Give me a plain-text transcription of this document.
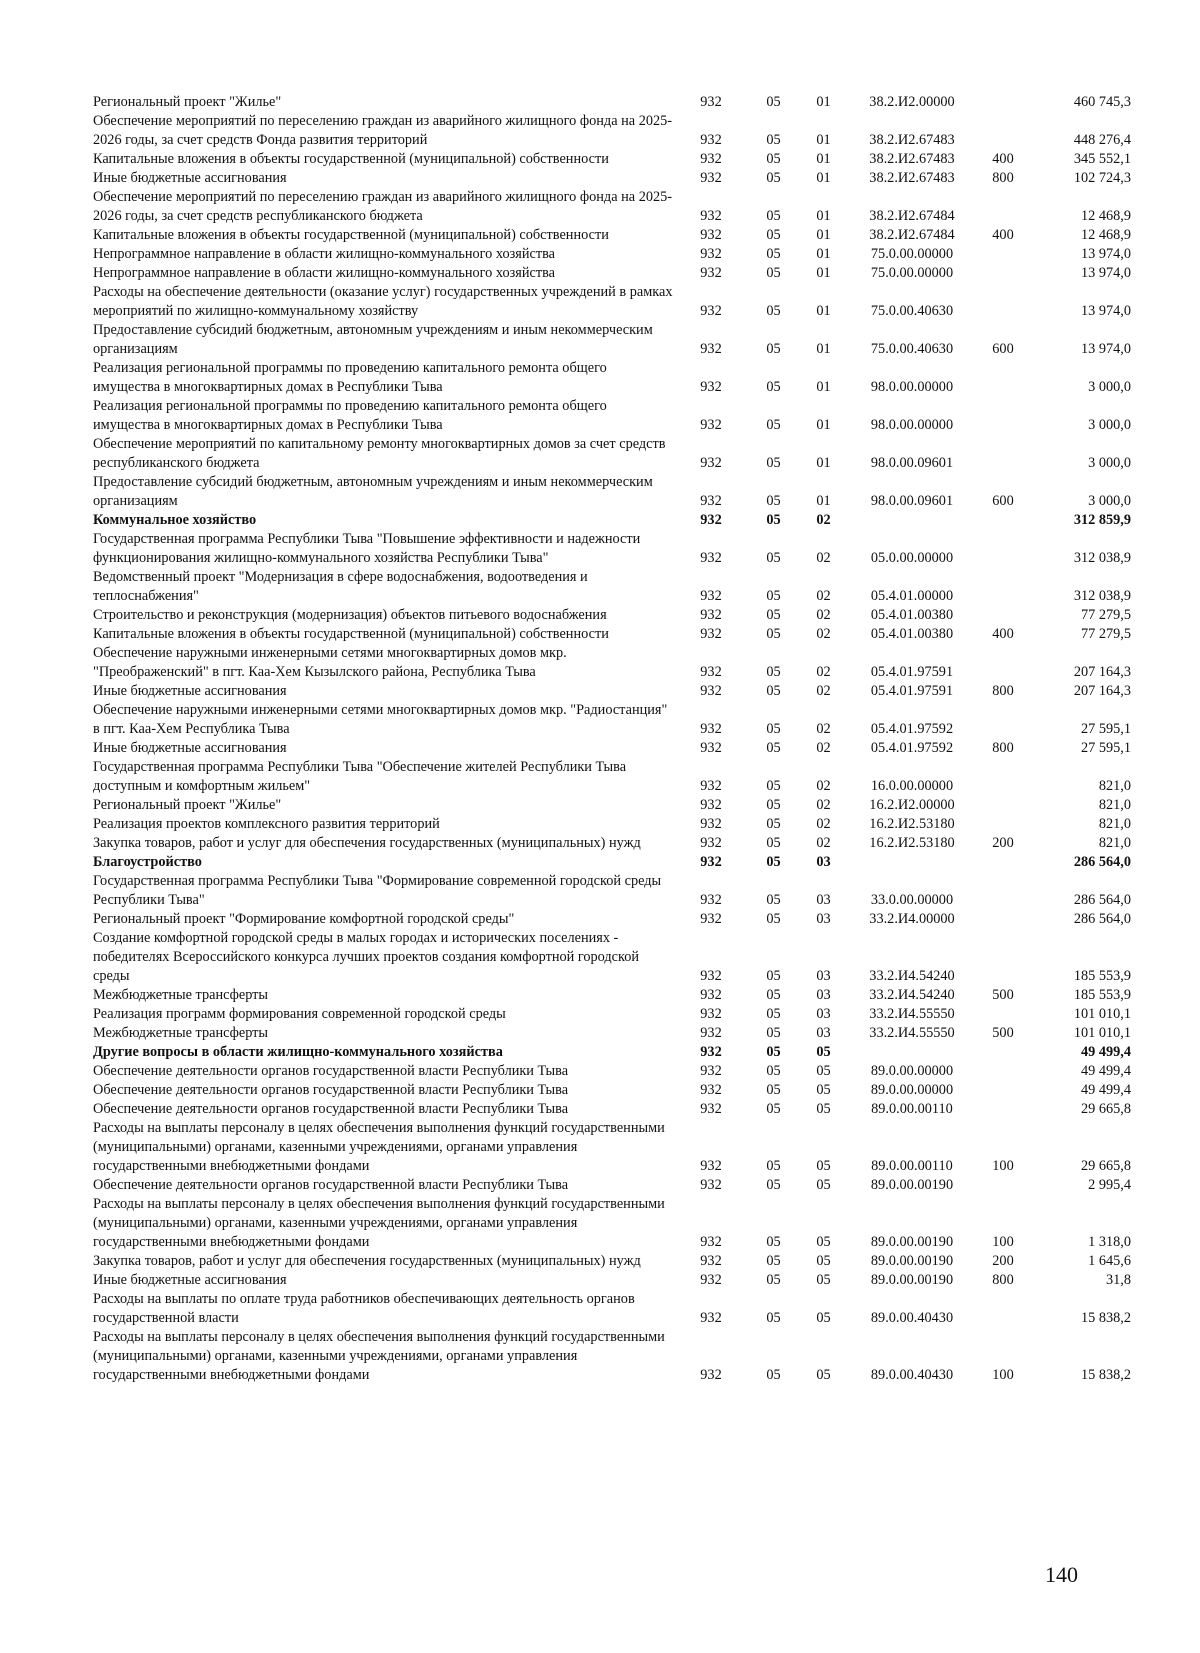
Региональный проект "Жилье"	932	05	01	38.2.И2.00000		460 745,3
Обеспечение мероприятий по переселению граждан из аварийного жилищного фонда на 2025-2026 годы, за счет средств Фонда развития территорий	932	05	01	38.2.И2.67483		448 276,4
Капитальные вложения в объекты государственной (муниципальной) собственности	932	05	01	38.2.И2.67483	400	345 552,1
Иные бюджетные ассигнования	932	05	01	38.2.И2.67483	800	102 724,3
Обеспечение мероприятий по переселению граждан из аварийного жилищного фонда на 2025-2026 годы, за счет средств республиканского бюджета	932	05	01	38.2.И2.67484		12 468,9
Капитальные вложения в объекты государственной (муниципальной) собственности	932	05	01	38.2.И2.67484	400	12 468,9
Непрограммное направление в области жилищно-коммунального хозяйства	932	05	01	75.0.00.00000		13 974,0
Непрограммное направление в области жилищно-коммунального хозяйства	932	05	01	75.0.00.00000		13 974,0
Расходы на обеспечение деятельности (оказание услуг) государственных учреждений в рамках мероприятий по жилищно-коммунальному хозяйству	932	05	01	75.0.00.40630		13 974,0
Предоставление субсидий бюджетным, автономным учреждениям и иным некоммерческим организациям	932	05	01	75.0.00.40630	600	13 974,0
Реализация региональной программы по проведению капитального ремонта общего имущества в многоквартирных домах в Республики Тыва	932	05	01	98.0.00.00000		3 000,0
Реализация региональной программы по проведению капитального ремонта общего имущества в многоквартирных домах в Республики Тыва	932	05	01	98.0.00.00000		3 000,0
Обеспечение мероприятий по капитальному ремонту многоквартирных домов за счет средств республиканского бюджета	932	05	01	98.0.00.09601		3 000,0
Предоставление субсидий бюджетным, автономным учреждениям и иным некоммерческим организациям	932	05	01	98.0.00.09601	600	3 000,0
Коммунальное хозяйство	932	05	02			312 859,9
Государственная программа Республики Тыва "Повышение эффективности и надежности функционирования жилищно-коммунального хозяйства Республики Тыва"	932	05	02	05.0.00.00000		312 038,9
Ведомственный проект "Модернизация в сфере водоснабжения, водоотведения и теплоснабжения"	932	05	02	05.4.01.00000		312 038,9
Строительство и реконструкция (модернизация) объектов питьевого водоснабжения	932	05	02	05.4.01.00380		77 279,5
Капитальные вложения в объекты государственной (муниципальной) собственности	932	05	02	05.4.01.00380	400	77 279,5
Обеспечение наружными инженерными сетями многоквартирных домов мкр. "Преображенский" в пгт. Каа-Хем Кызылского района, Республика Тыва	932	05	02	05.4.01.97591		207 164,3
Иные бюджетные ассигнования	932	05	02	05.4.01.97591	800	207 164,3
Обеспечение наружными инженерными сетями многоквартирных домов мкр. "Радиостанция" в пгт. Каа-Хем Республика Тыва	932	05	02	05.4.01.97592		27 595,1
Иные бюджетные ассигнования	932	05	02	05.4.01.97592	800	27 595,1
Государственная программа Республики Тыва "Обеспечение жителей Республики Тыва доступным и комфортным жильем"	932	05	02	16.0.00.00000		821,0
Региональный проект "Жилье"	932	05	02	16.2.И2.00000		821,0
Реализация проектов комплексного развития территорий	932	05	02	16.2.И2.53180		821,0
Закупка товаров, работ и услуг для обеспечения государственных (муниципальных) нужд	932	05	02	16.2.И2.53180	200	821,0
Благоустройство	932	05	03			286 564,0
Государственная программа Республики Тыва "Формирование современной городской среды Республики Тыва"	932	05	03	33.0.00.00000		286 564,0
Региональный проект "Формирование комфортной городской среды"	932	05	03	33.2.И4.00000		286 564,0
Создание комфортной городской среды в малых городах и исторических поселениях - победителях Всероссийского конкурса лучших проектов создания комфортной городской среды	932	05	03	33.2.И4.54240		185 553,9
Межбюджетные трансферты	932	05	03	33.2.И4.54240	500	185 553,9
Реализация программ формирования современной городской среды	932	05	03	33.2.И4.55550		101 010,1
Межбюджетные трансферты	932	05	03	33.2.И4.55550	500	101 010,1
Другие вопросы в области жилищно-коммунального хозяйства	932	05	05			49 499,4
Обеспечение деятельности органов государственной власти Республики Тыва	932	05	05	89.0.00.00000		49 499,4
Обеспечение деятельности органов государственной власти Республики Тыва	932	05	05	89.0.00.00000		49 499,4
Обеспечение деятельности органов государственной власти Республики Тыва	932	05	05	89.0.00.00110		29 665,8
Расходы на выплаты персоналу в целях обеспечения выполнения функций государственными (муниципальными) органами, казенными учреждениями, органами управления государственными внебюджетными фондами	932	05	05	89.0.00.00110	100	29 665,8
Обеспечение деятельности органов государственной власти Республики Тыва	932	05	05	89.0.00.00190		2 995,4
Расходы на выплаты персоналу в целях обеспечения выполнения функций государственными (муниципальными) органами, казенными учреждениями, органами управления государственными внебюджетными фондами	932	05	05	89.0.00.00190	100	1 318,0
Закупка товаров, работ и услуг для обеспечения государственных (муниципальных) нужд	932	05	05	89.0.00.00190	200	1 645,6
Иные бюджетные ассигнования	932	05	05	89.0.00.00190	800	31,8
Расходы на выплаты по оплате труда работников обеспечивающих деятельность органов государственной власти	932	05	05	89.0.00.40430		15 838,2
Расходы на выплаты персоналу в целях обеспечения выполнения функций государственными (муниципальными) органами, казенными учреждениями, органами управления государственными внебюджетными фондами	932	05	05	89.0.00.40430	100	15 838,2
140
